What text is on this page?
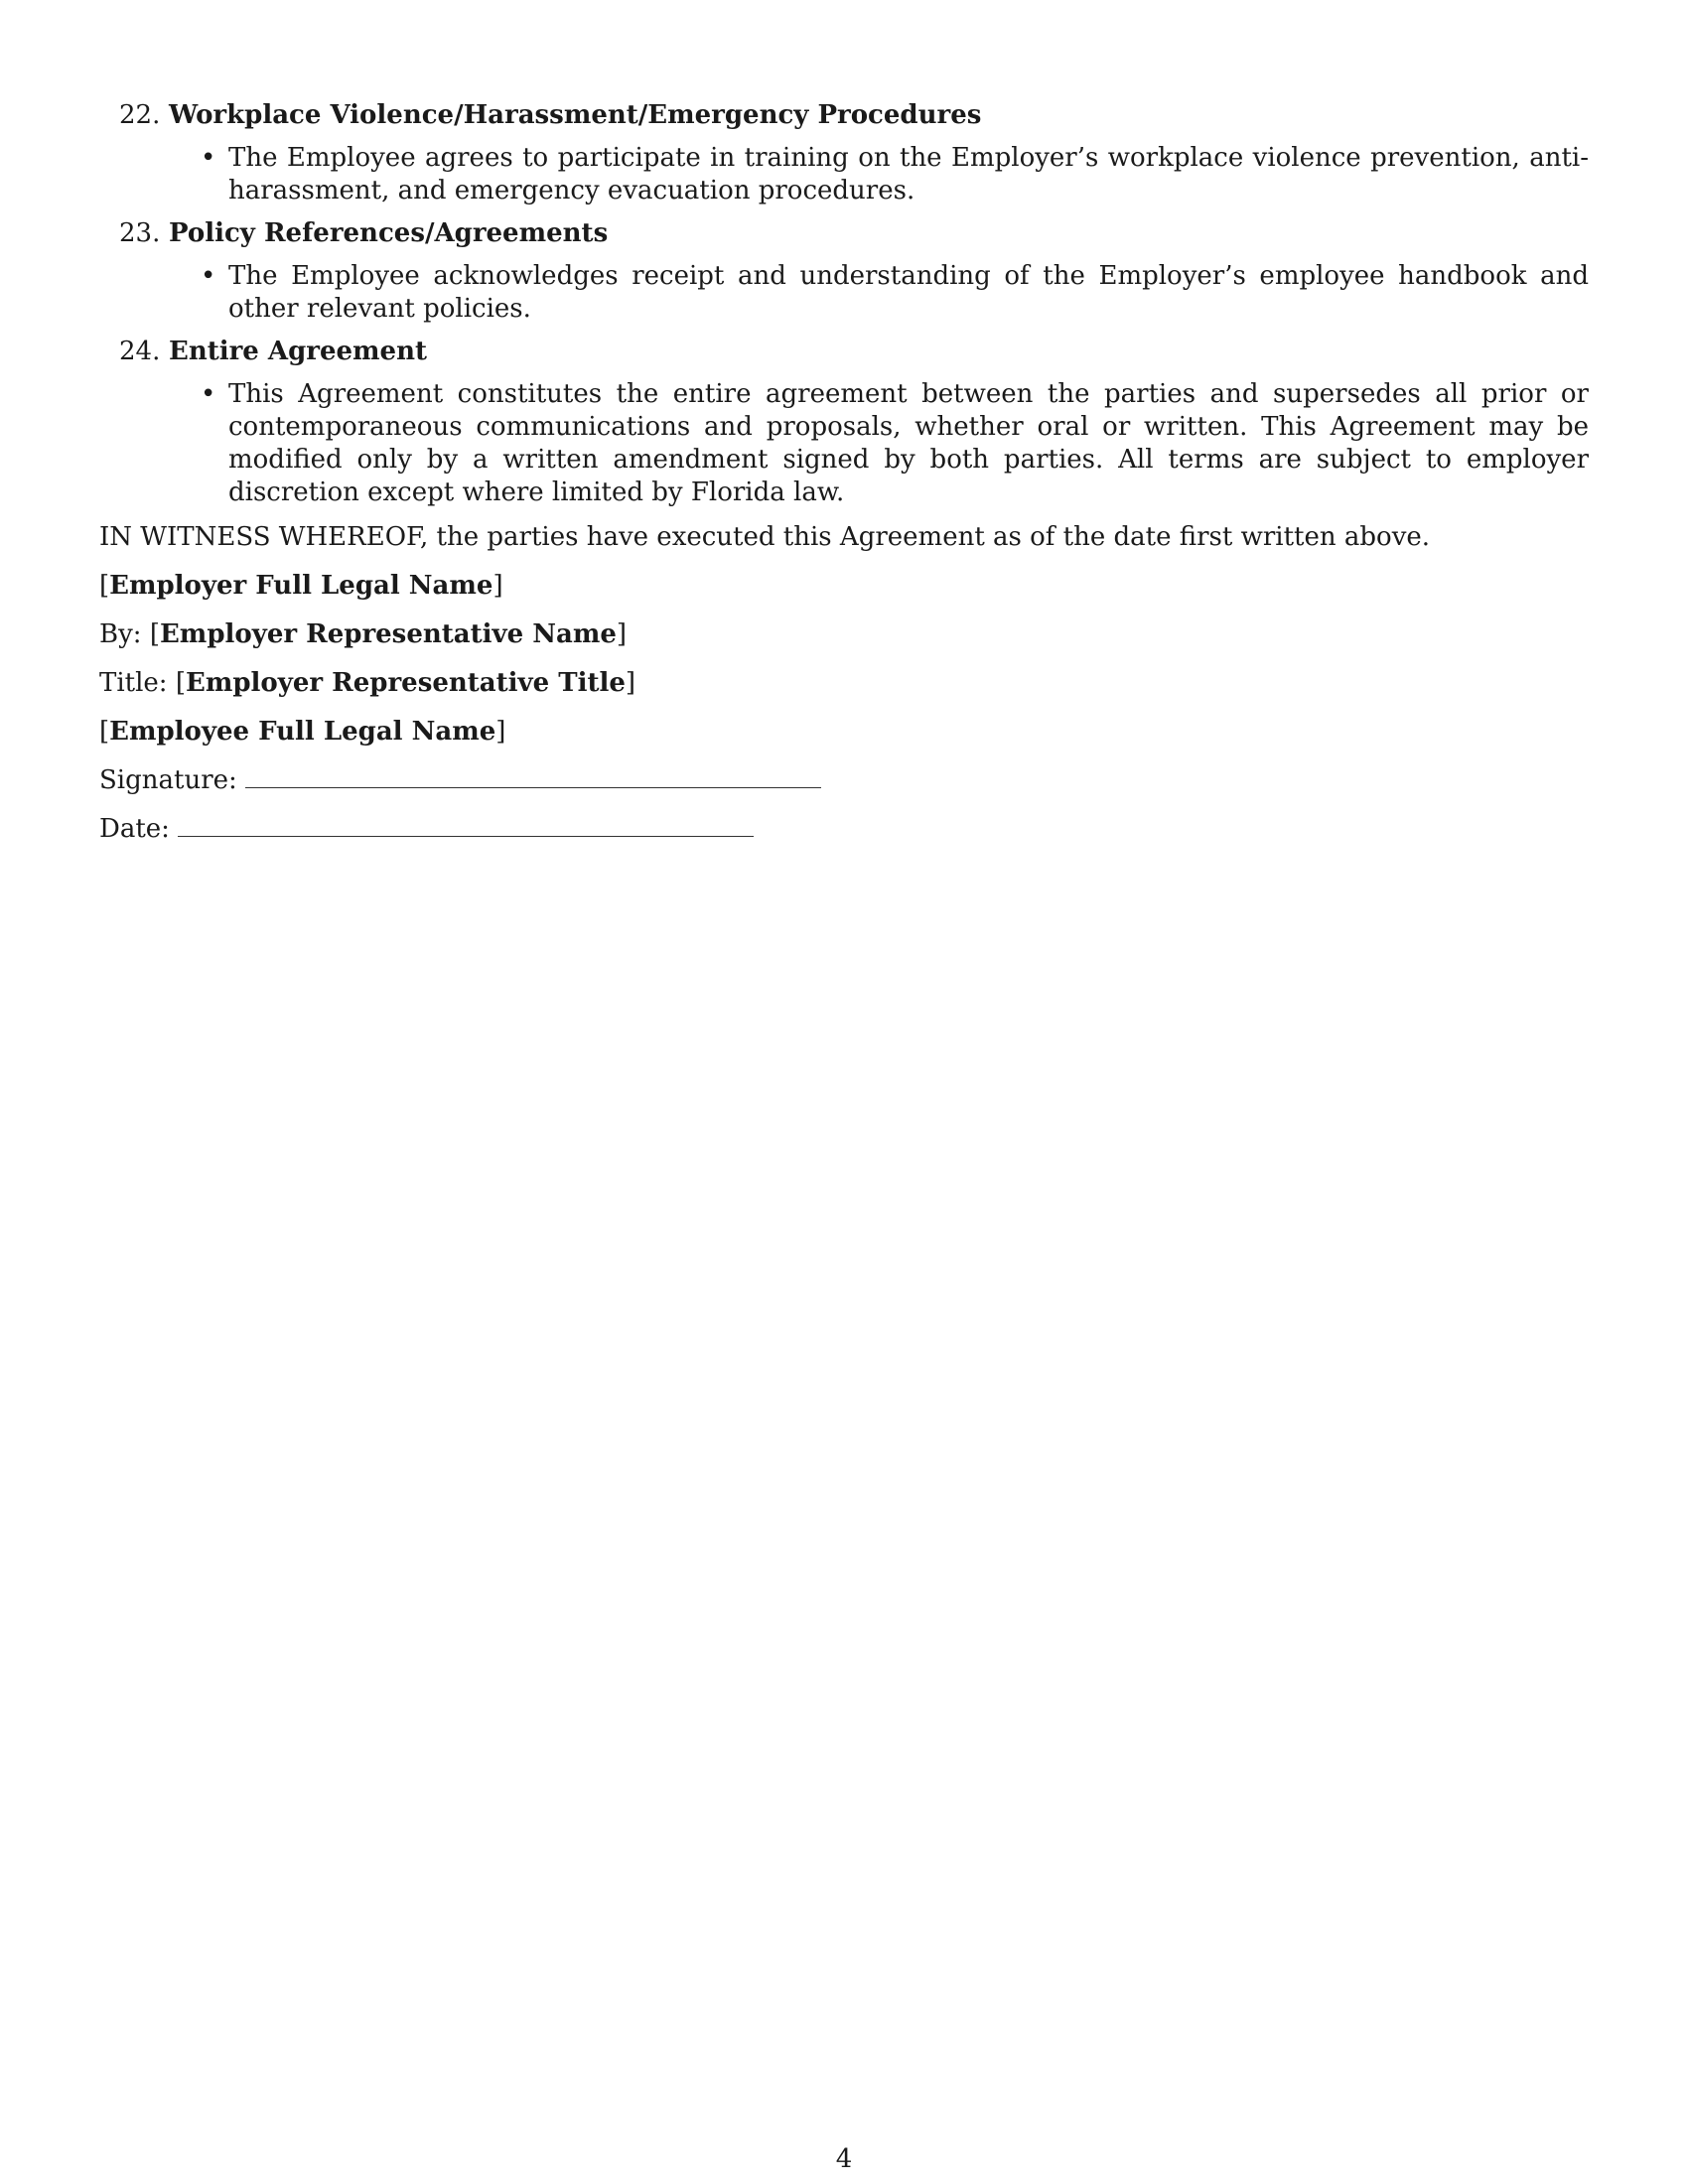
22. Workplace Violence/Harassment/Emergency Procedures
• The Employee agrees to participate in training on the Employer’s workplace violence prevention, anti-harassment, and emergency evacuation procedures.
23. Policy References/Agreements
• The Employee acknowledges receipt and understanding of the Employer’s employee handbook and other relevant policies.
24. Entire Agreement
• This Agreement constitutes the entire agreement between the parties and supersedes all prior or contemporaneous communications and proposals, whether oral or written. This Agreement may be modified only by a written amendment signed by both parties. All terms are subject to employer discretion except where limited by Florida law.
IN WITNESS WHEREOF, the parties have executed this Agreement as of the date first written above.
[Employer Full Legal Name]
By: [Employer Representative Name]
Title: [Employer Representative Title]
[Employee Full Legal Name]
Signature:
Date:
4
